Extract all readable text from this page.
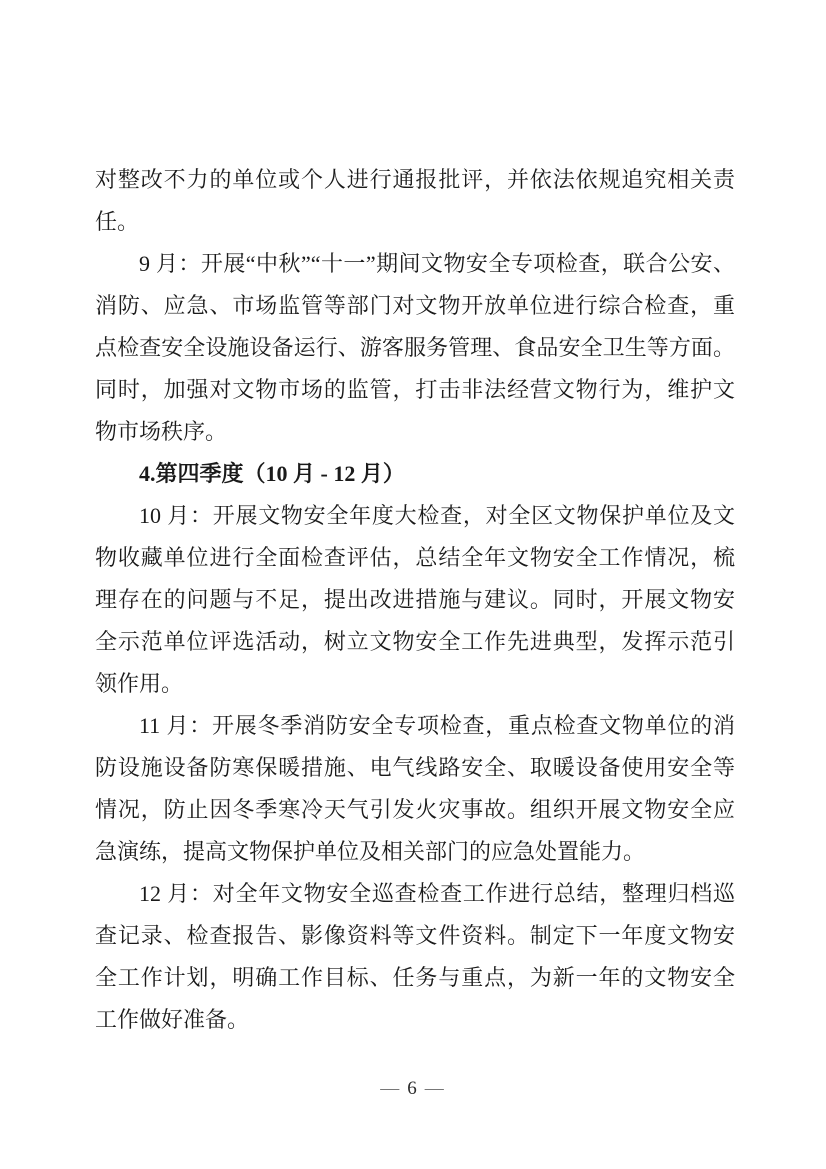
对整改不力的单位或个人进行通报批评，并依法依规追究相关责
任。
9 月：开展“中秋”“十一”期间文物安全专项检查，联合公安、
消防、应急、市场监管等部门对文物开放单位进行综合检查，重
点检查安全设施设备运行、游客服务管理、食品安全卫生等方面。
同时，加强对文物市场的监管，打击非法经营文物行为，维护文
物市场秩序。
4.第四季度（10 月 - 12 月）
10 月：开展文物安全年度大检查，对全区文物保护单位及文
物收藏单位进行全面检查评估，总结全年文物安全工作情况，梳
理存在的问题与不足，提出改进措施与建议。同时，开展文物安
全示范单位评选活动，树立文物安全工作先进典型，发挥示范引
领作用。
11 月：开展冬季消防安全专项检查，重点检查文物单位的消
防设施设备防寒保暖措施、电气线路安全、取暖设备使用安全等
情况，防止因冬季寒冷天气引发火灾事故。组织开展文物安全应
急演练，提高文物保护单位及相关部门的应急处置能力。
12 月：对全年文物安全巡查检查工作进行总结，整理归档巡
查记录、检查报告、影像资料等文件资料。制定下一年度文物安
全工作计划，明确工作目标、任务与重点，为新一年的文物安全
工作做好准备。
— 6 —
